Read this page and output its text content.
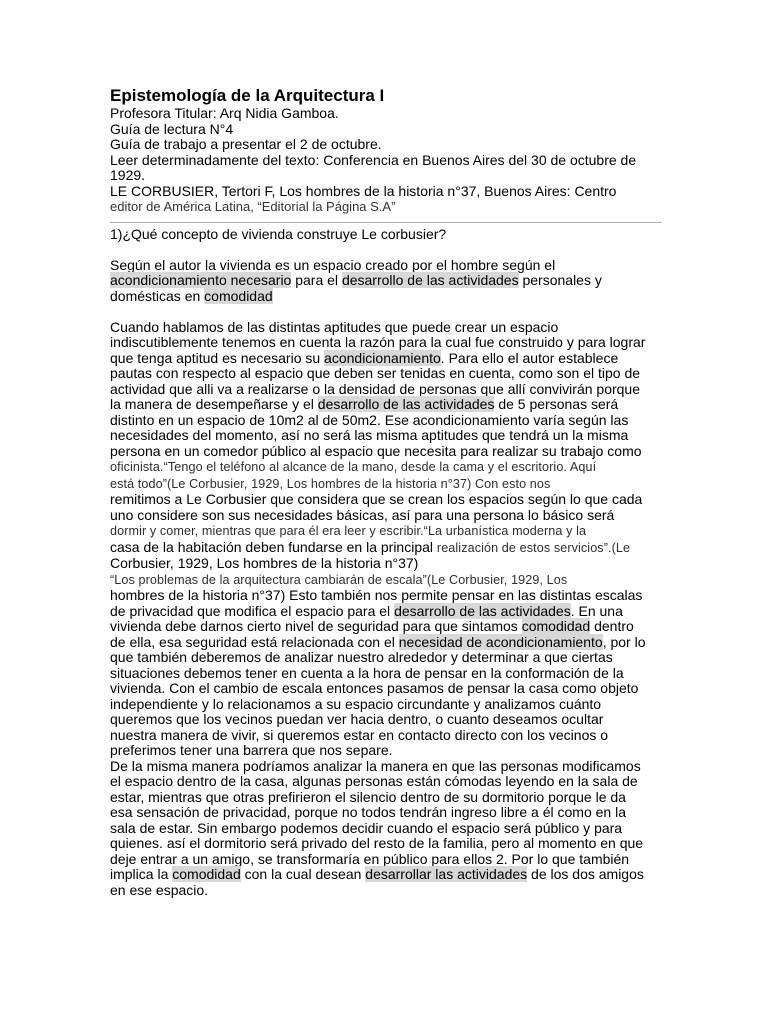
Epistemología de la Arquitectura I
Profesora Titular: Arq Nidia Gamboa.
Guía de lectura N°4
Guía de trabajo a presentar el 2 de octubre.
Leer determinadamente del texto: Conferencia en Buenos Aires del 30 de octubre de
1929.
LE CORBUSIER, Tertori F, Los hombres de la historia n°37, Buenos Aires: Centro
editor de América Latina, “Editorial la Página S.A”
1)¿Qué concepto de vivienda construye Le corbusier?
Según el autor la vivienda es un espacio creado por el hombre según el
acondicionamiento necesario para el desarrollo de las actividades personales y
domésticas en comodidad
Cuando hablamos de las distintas aptitudes que puede crear un espacio
indiscutiblemente tenemos en cuenta la razón para la cual fue construido y para lograr
que tenga aptitud es necesario su acondicionamiento. Para ello el autor establece
pautas con respecto al espacio que deben ser tenidas en cuenta, como son el tipo de
actividad que alli va a realizarse o la densidad de personas que allí convivirán porque
la manera de desempeñarse y el desarrollo de las actividades de 5 personas será
distinto en un espacio de 10m2 al de 50m2. Ese acondicionamiento varía según las
necesidades del momento, así no será las misma aptitudes que tendrá un la misma
persona en un comedor público al espacio que necesita para realizar su trabajo como
oficinista.“Tengo el teléfono al alcance de la mano, desde la cama y el escritorio. Aquí
está todo”(Le Corbusier, 1929, Los hombres de la historia n°37) Con esto nos
remitimos a Le Corbusier que considera que se crean los espacios según lo que cada
uno considere son sus necesidades básicas, así para una persona lo básico será
dormir y comer, mientras que para él era leer y escribir.“La urbanística moderna y la
casa de la habitación deben fundarse en la principal realización de estos servicios”.(Le
Corbusier, 1929, Los hombres de la historia n°37)
“Los problemas de la arquitectura cambiarán de escala”(Le Corbusier, 1929, Los
hombres de la historia n°37) Esto también nos permite pensar en las distintas escalas
de privacidad que modifica el espacio para el desarrollo de las actividades. En una
vivienda debe darnos cierto nivel de seguridad para que sintamos comodidad dentro
de ella, esa seguridad está relacionada con el necesidad de acondicionamiento, por lo
que también deberemos de analizar nuestro alrededor y determinar a que ciertas
situaciones debemos tener en cuenta a la hora de pensar en la conformación de la
vivienda. Con el cambio de escala entonces pasamos de pensar la casa como objeto
independiente y lo relacionamos a su espacio circundante y analizamos cuánto
queremos que los vecinos puedan ver hacia dentro, o cuanto deseamos ocultar
nuestra manera de vivir, si queremos estar en contacto directo con los vecinos o
preferimos tener una barrera que nos separe.
De la misma manera podríamos analizar la manera en que las personas modificamos
el espacio dentro de la casa, algunas personas están cómodas leyendo en la sala de
estar, mientras que otras prefirieron el silencio dentro de su dormitorio porque le da
esa sensación de privacidad, porque no todos tendrán ingreso libre a él como en la
sala de estar. Sin embargo podemos decidir cuando el espacio será público y para
quienes. así el dormitorio será privado del resto de la familia, pero al momento en que
deje entrar a un amigo, se transformaría en público para ellos 2. Por lo que también
implica la comodidad con la cual desean desarrollar las actividades de los dos amigos
en ese espacio.
